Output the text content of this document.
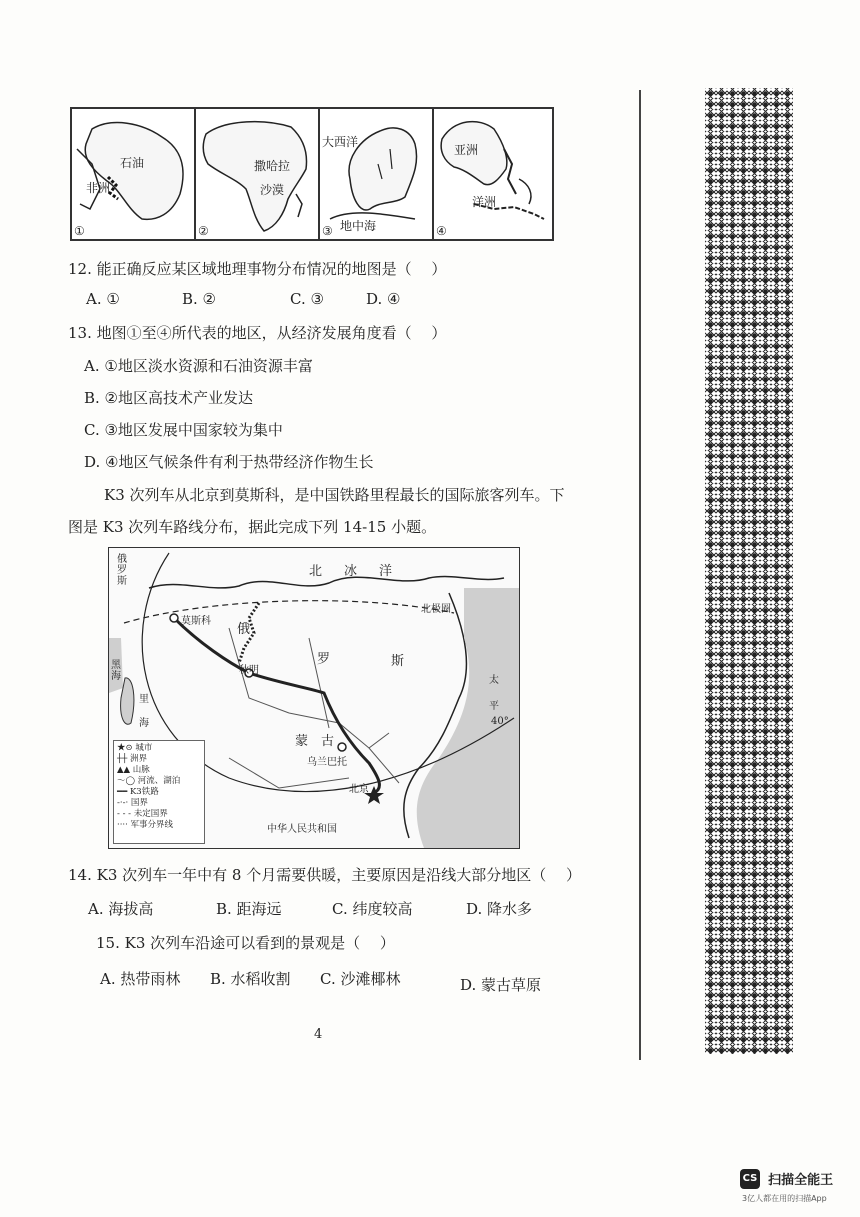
石油
非洲
①
撒哈拉
沙漠
②
大西洋
地中海
③
亚洲
洋洲
④
12. 能正确反应某区域地理事物分布情况的地图是（　 ）
A. ①	B. ②	C. ③	D. ④
13. 地图①至④所代表的地区，从经济发展角度看（　 ）
A. ①地区淡水资源和石油资源丰富
B. ②地区高技术产业发达
C. ③地区发展中国家较为集中
D. ④地区气候条件有利于热带经济作物生长
K3 次列车从北京到莫斯科，是中国铁路里程最长的国际旅客列车。下
图是 K3 次列车路线分布，据此完成下列 14-15 小题。
俄
罗
斯
北冰洋
北极圈
莫斯科
俄
秋明
罗	斯
黑
海
里
海
蒙　古
乌兰巴托
北京
中华人民共和国
太
平
40°
★⊙ 城市
┼┼ 洲界
▲▲ 山脉
〜◯ 河流、湖泊
━━ K3铁路
-·-· 国界
- - - 未定国界
···· 军事分界线
14. K3 次列车一年中有 8 个月需要供暖，主要原因是沿线大部分地区（　 ）
A. 海拔高	B. 距海远	C. 纬度较高	D. 降水多
15. K3 次列车沿途可以看到的景观是（　 ）
A. 热带雨林 B. 水稻收割 C. 沙滩椰林	D. 蒙古草原
4
CS 扫描全能王
3亿人都在用的扫描App
